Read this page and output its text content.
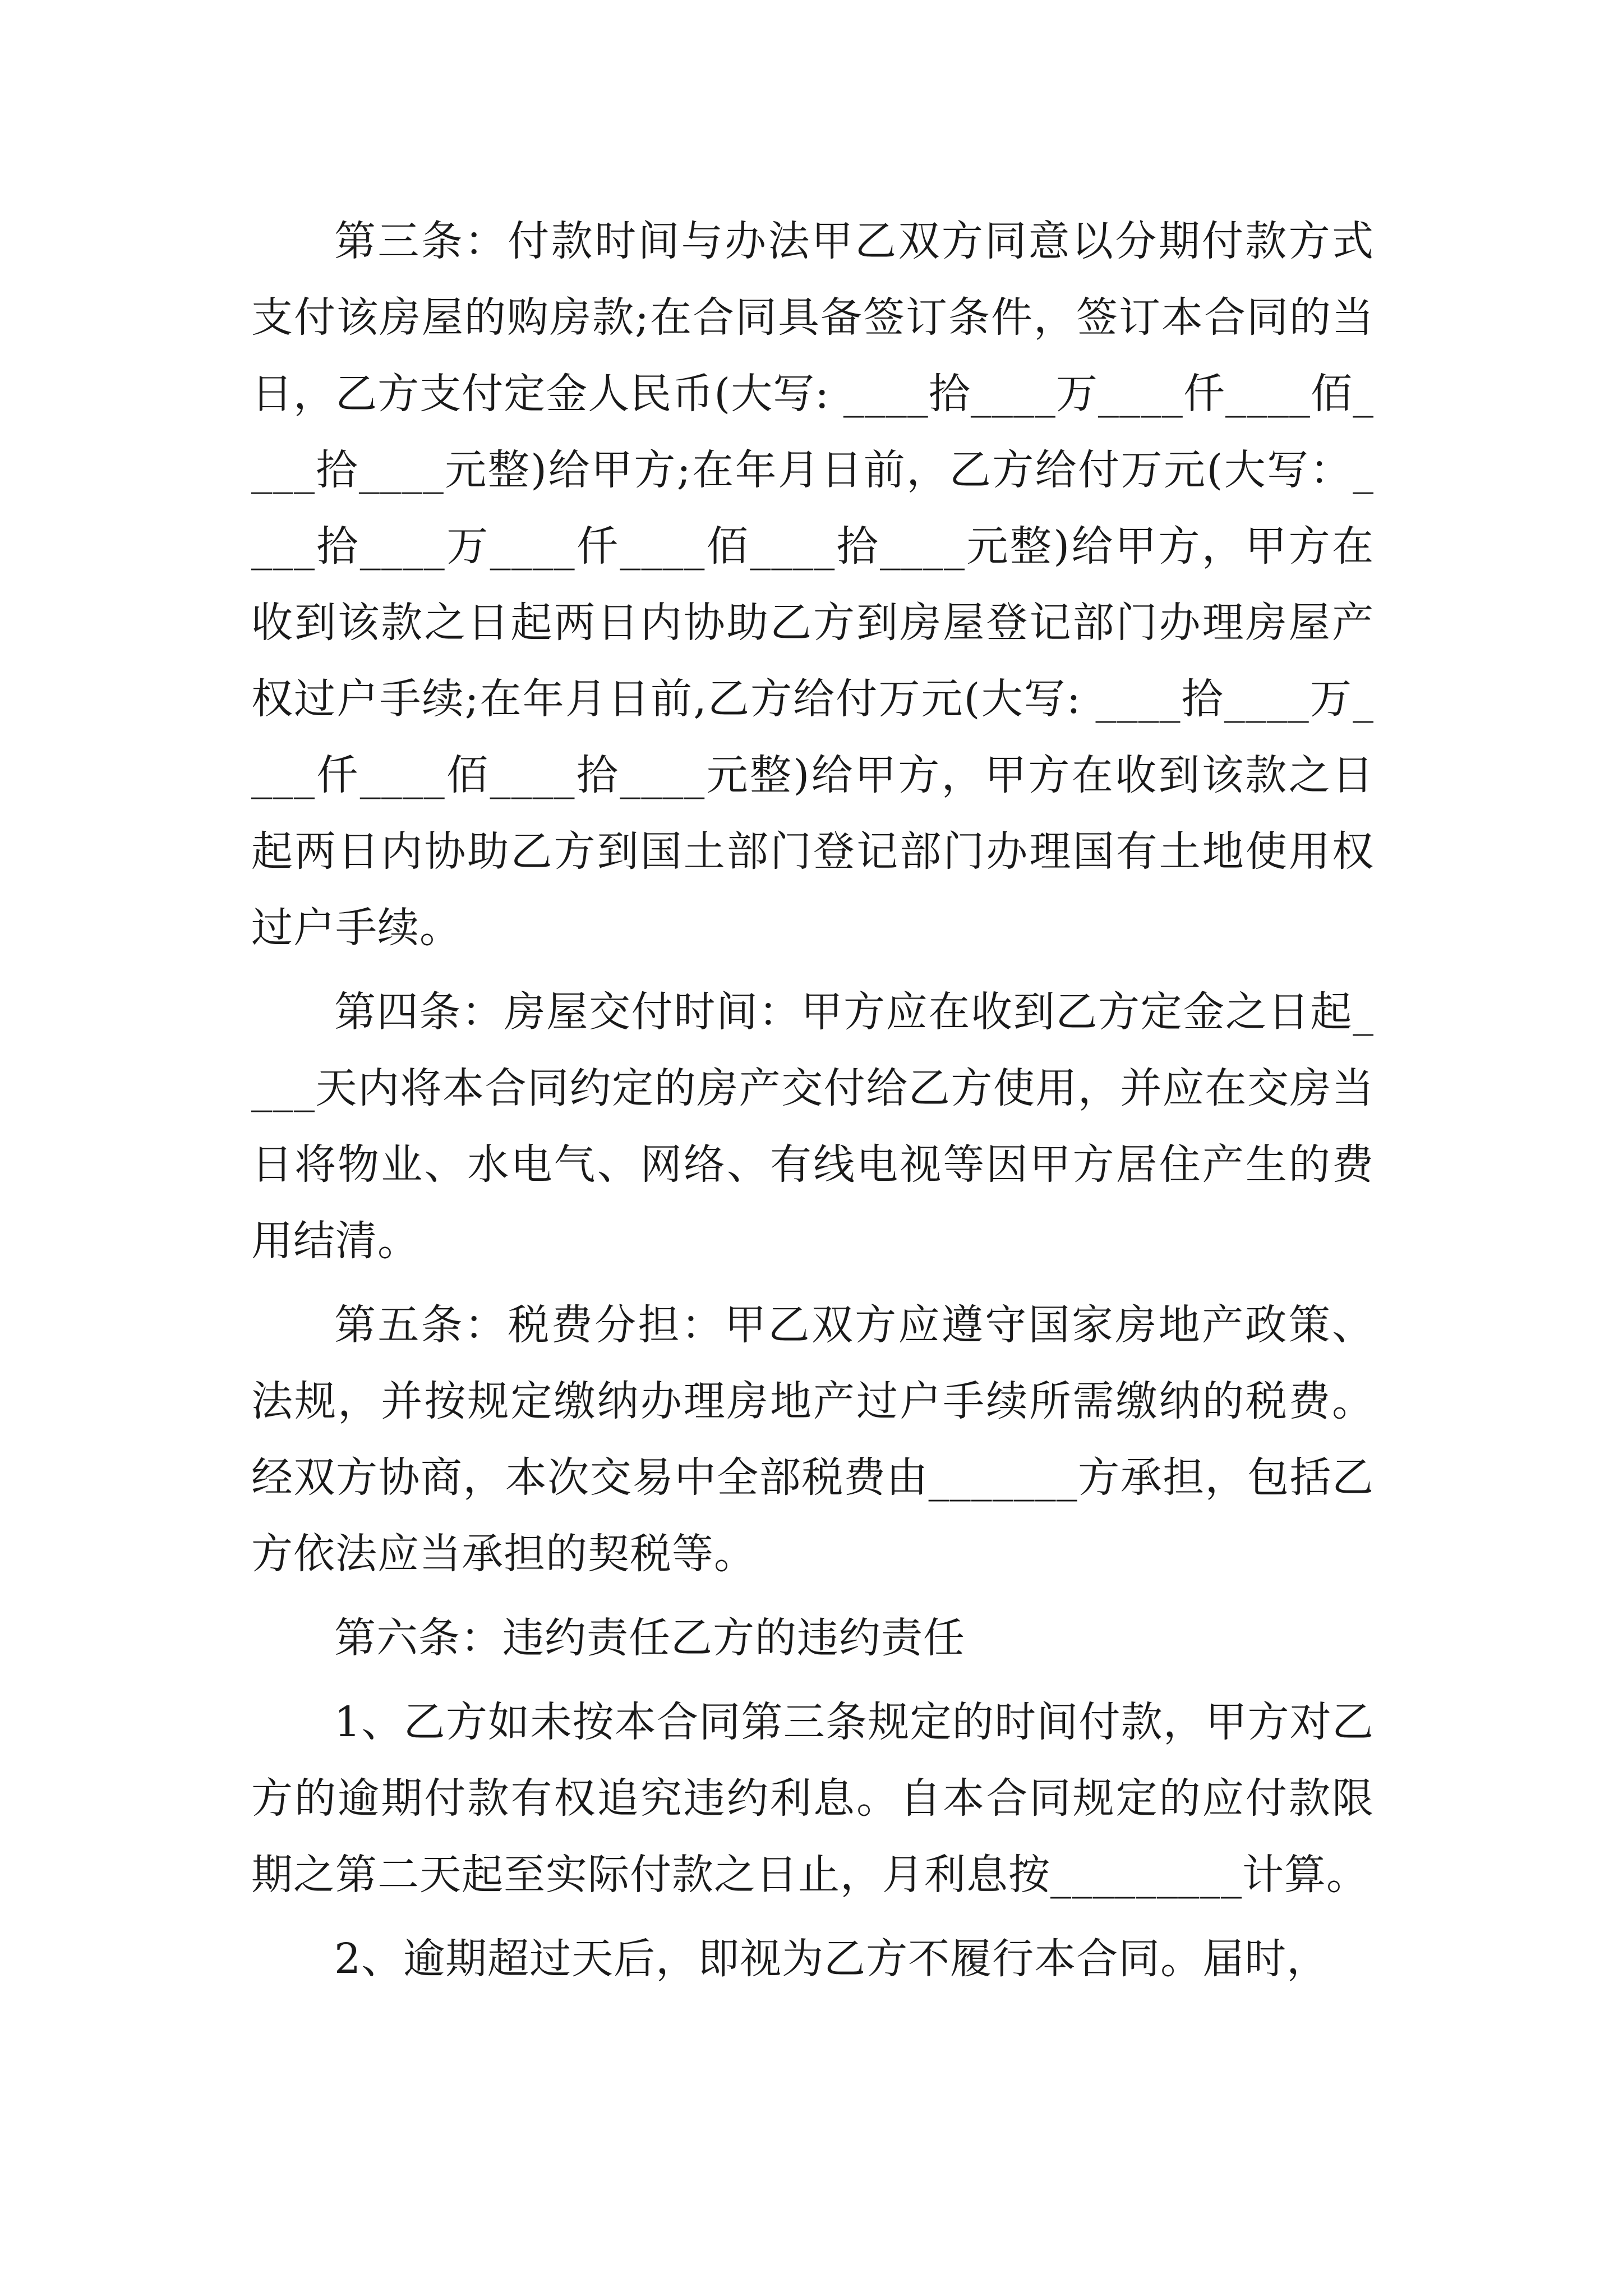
第三条：付款时间与办法甲乙双方同意以分期付款方式支付该房屋的购房款;在合同具备签订条件，签订本合同的当日，乙方支付定金人民币(大写: ____拾____万____仟____佰____拾____元整)给甲方;在年月日前，乙方给付万元(大写：____拾____万____仟____佰____拾____元整)给甲方，甲方在收到该款之日起两日内协助乙方到房屋登记部门办理房屋产权过户手续;在年月日前,乙方给付万元(大写: ____拾____万____仟____佰____拾____元整)给甲方，甲方在收到该款之日起两日内协助乙方到国土部门登记部门办理国有土地使用权过户手续。

第四条：房屋交付时间：甲方应在收到乙方定金之日起____天内将本合同约定的房产交付给乙方使用，并应在交房当日将物业、水电气、网络、有线电视等因甲方居住产生的费用结清。

第五条：税费分担：甲乙双方应遵守国家房地产政策、法规，并按规定缴纳办理房地产过户手续所需缴纳的税费。经双方协商，本次交易中全部税费由_______方承担，包括乙方依法应当承担的契税等。

第六条：违约责任乙方的违约责任

1、乙方如未按本合同第三条规定的时间付款，甲方对乙方的逾期付款有权追究违约利息。自本合同规定的应付款限期之第二天起至实际付款之日止，月利息按_________计算。

2、逾期超过天后，即视为乙方不履行本合同。届时，
